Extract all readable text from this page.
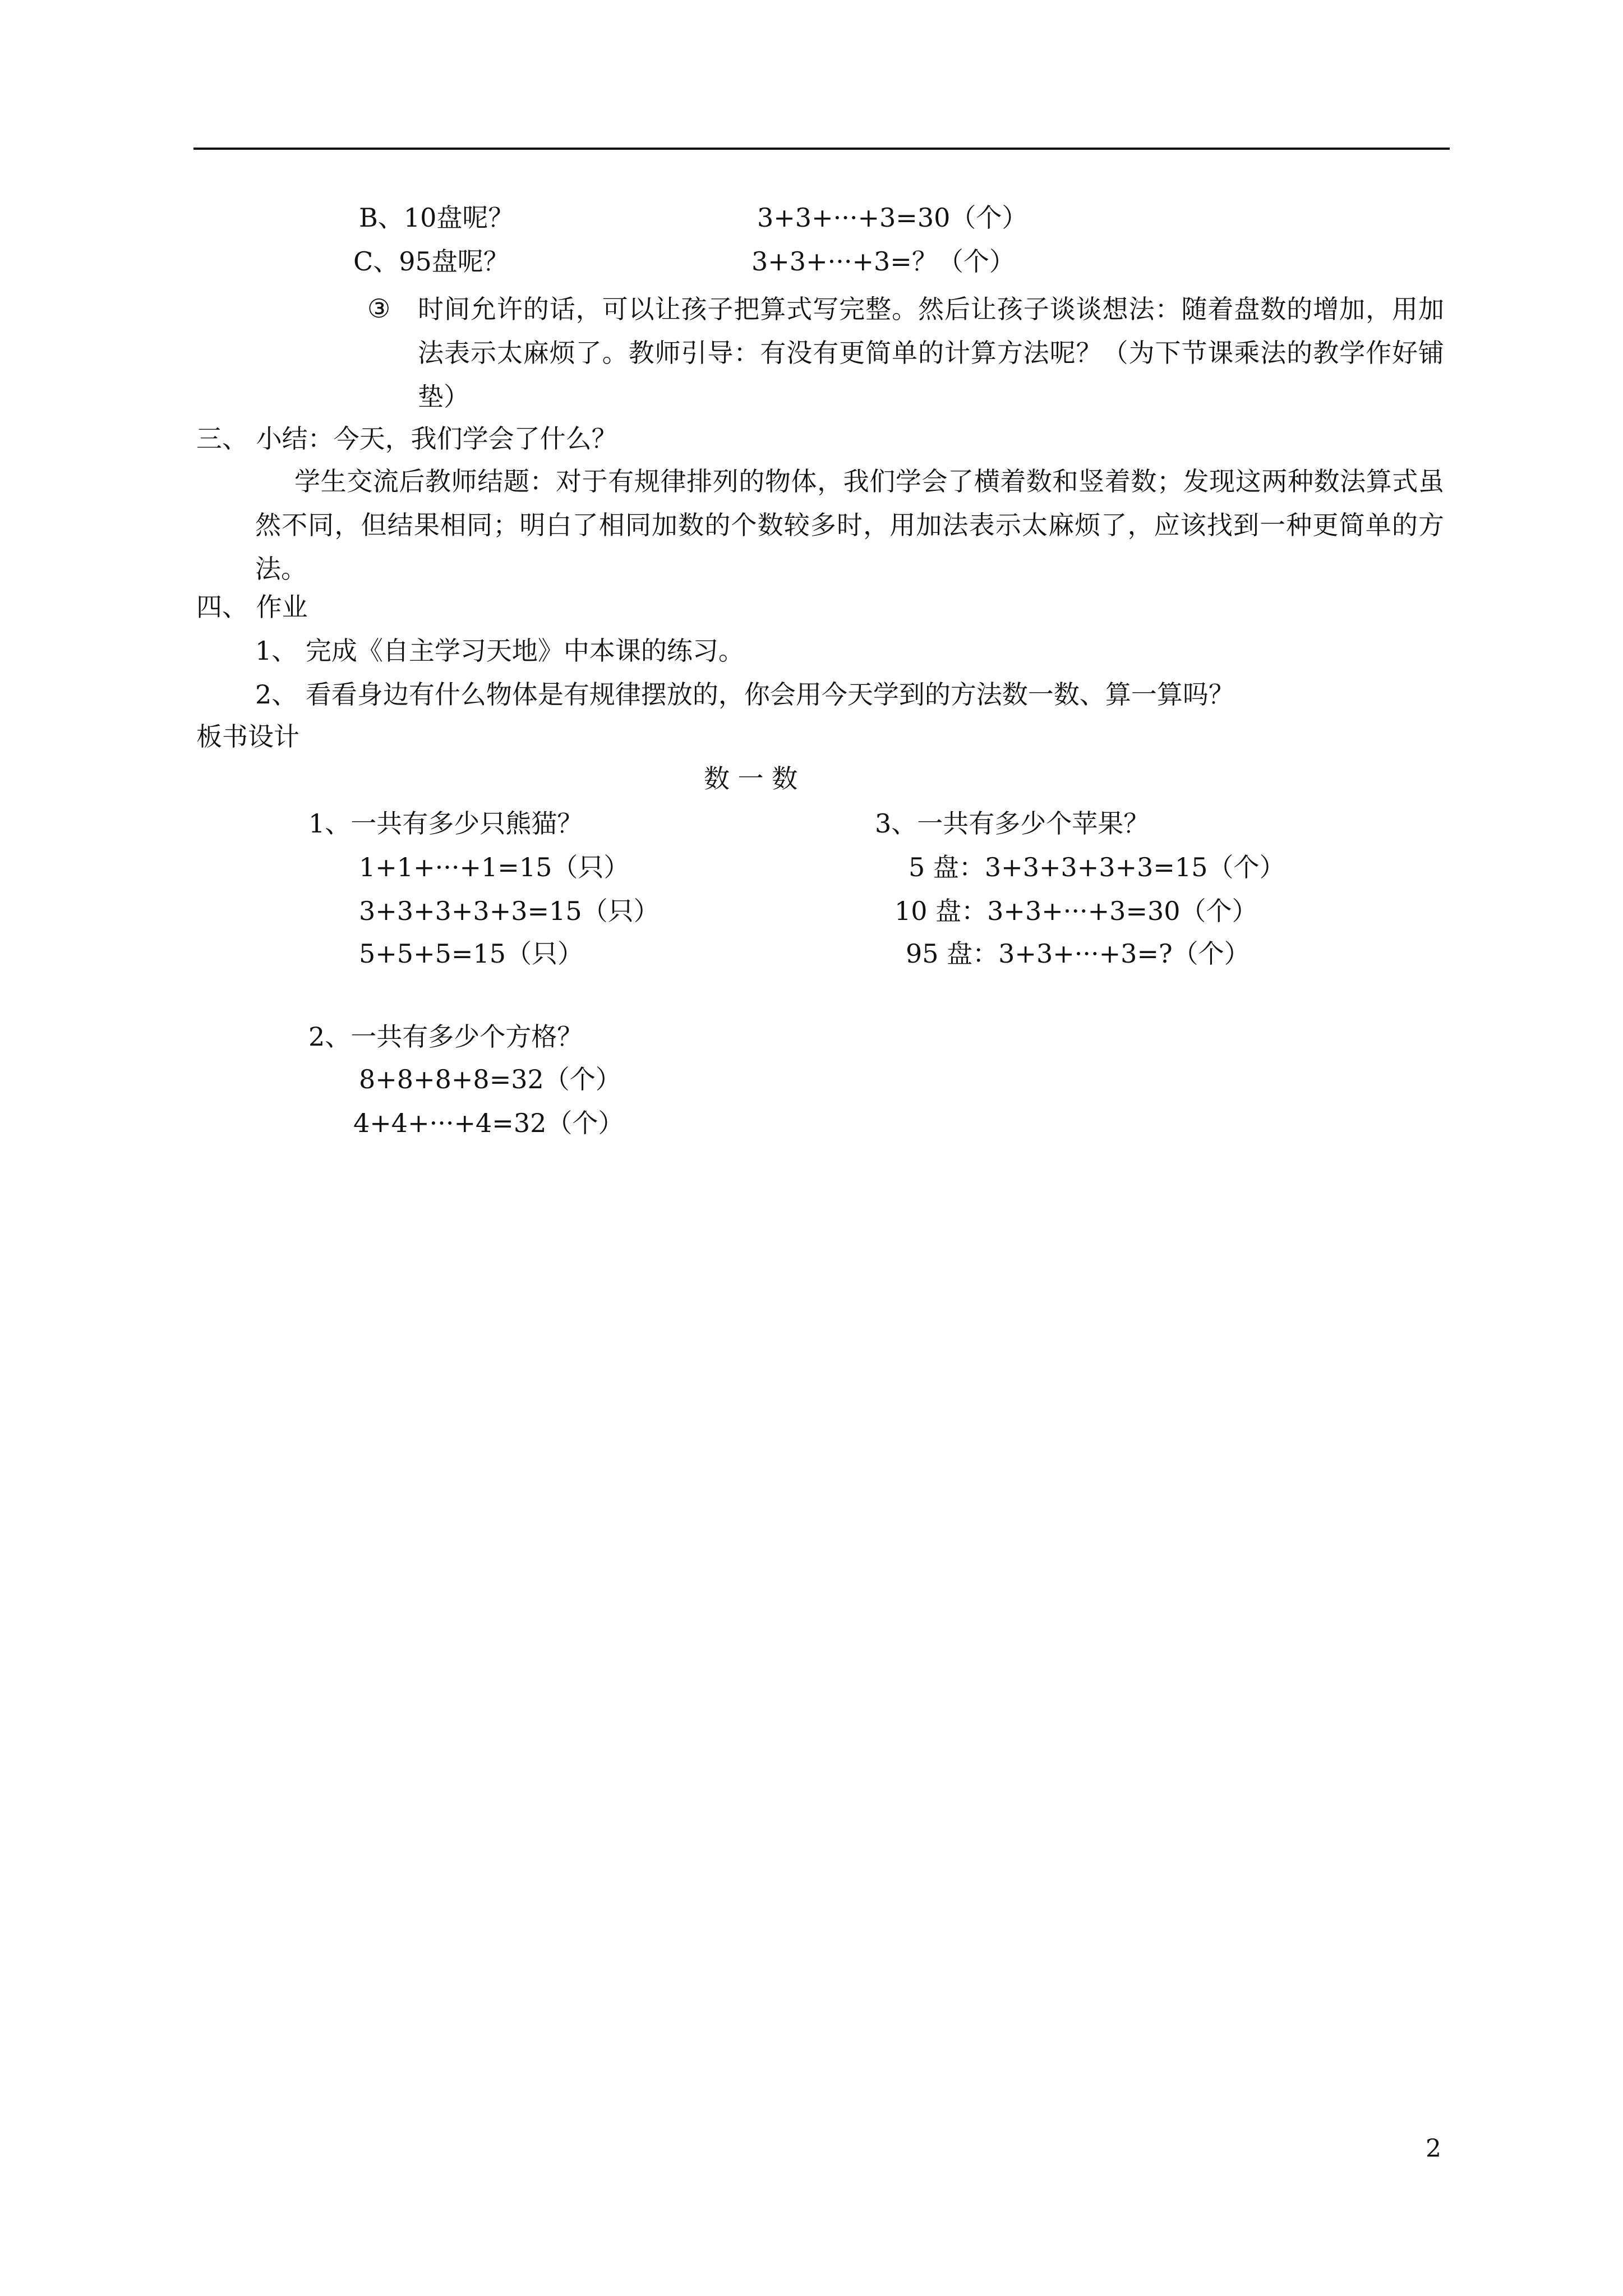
B、10盘呢？	3+3+···+3=30（个）
C、95盘呢？	3+3+···+3=？（个）
③ 时间允许的话，可以让孩子把算式写完整。然后让孩子谈谈想法：随着盘数的增加，用加法表示太麻烦了。教师引导：有没有更简单的计算方法呢？（为下节课乘法的教学作好铺垫）
三、 小结：今天，我们学会了什么？
学生交流后教师结题：对于有规律排列的物体，我们学会了横着数和竖着数；发现这两种数法算式虽然不同，但结果相同；明白了相同加数的个数较多时，用加法表示太麻烦了，应该找到一种更简单的方法。
四、 作业
1、 完成《自主学习天地》中本课的练习。
2、 看看身边有什么物体是有规律摆放的，你会用今天学到的方法数一数、算一算吗？
板书设计
数 一 数
1、一共有多少只熊猫？
1+1+···+1=15（只）
3+3+3+3+3=15（只）
5+5+5=15（只）
3、一共有多少个苹果？
5 盘：3+3+3+3+3=15（个）
10 盘：3+3+···+3=30（个）
95 盘：3+3+···+3=?（个）
2、一共有多少个方格？
8+8+8+8=32（个）
4+4+···+4=32（个）
2
